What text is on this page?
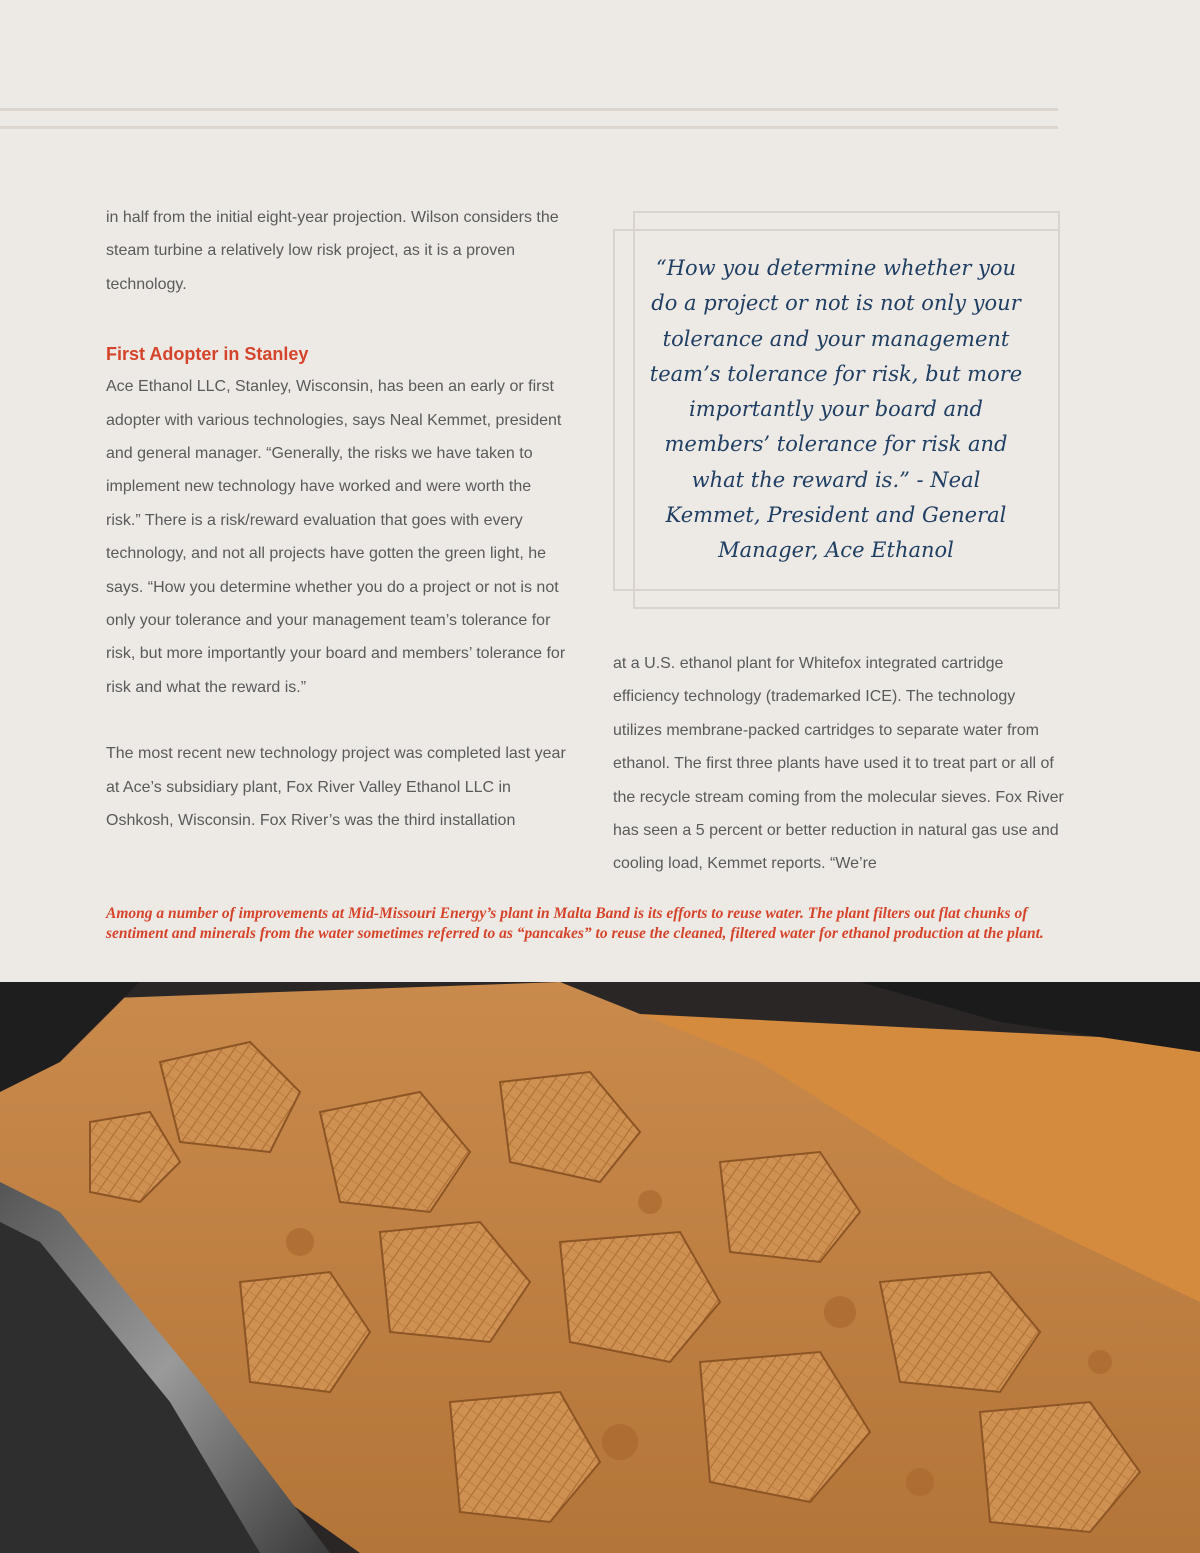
in half from the initial eight-year projection. Wilson considers the steam turbine a relatively low risk project, as it is a proven technology.

First Adopter in Stanley

Ace Ethanol LLC, Stanley, Wisconsin, has been an early or first adopter with various technologies, says Neal Kemmet, president and general manager. “Generally, the risks we have taken to implement new technology have worked and were worth the risk.” There is a risk/reward evaluation that goes with every technology, and not all projects have gotten the green light, he says. “How you determine whether you do a project or not is not only your tolerance and your management team’s tolerance for risk, but more importantly your board and members’ tolerance for risk and what the reward is.”

The most recent new technology project was completed last year at Ace’s subsidiary plant, Fox River Valley Ethanol LLC in Oshkosh, Wisconsin. Fox River’s was the third installation

“How you determine whether you do a project or not is not only your tolerance and your management team’s tolerance for risk, but more importantly your board and members’ tolerance for risk and what the reward is.” - Neal Kemmet, President and General Manager, Ace Ethanol

at a U.S. ethanol plant for Whitefox integrated cartridge efficiency technology (trademarked ICE). The technology utilizes membrane-packed cartridges to separate water from ethanol. The first three plants have used it to treat part or all of the recycle stream coming from the molecular sieves. Fox River has seen a 5 percent or better reduction in natural gas use and cooling load, Kemmet reports. “We’re

Among a number of improvements at Mid-Missouri Energy’s plant in Malta Band is its efforts to reuse water. The plant filters out flat chunks of sentiment and minerals from the water sometimes referred to as “pancakes” to reuse the cleaned, filtered water for ethanol production at the plant.
